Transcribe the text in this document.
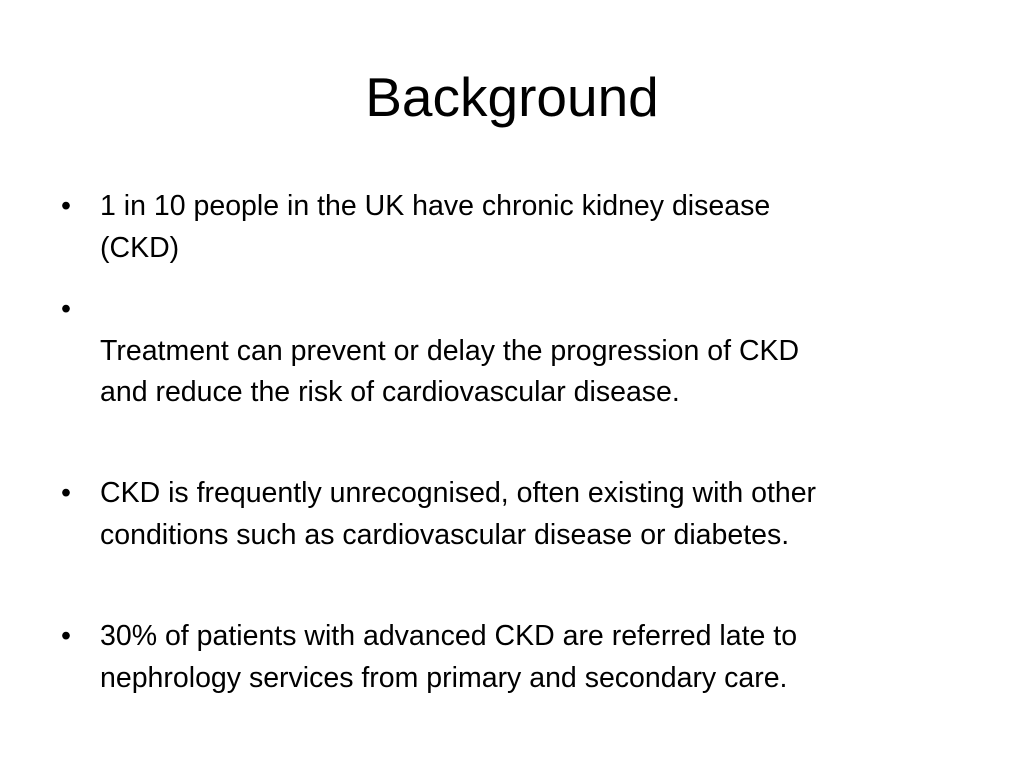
Background
•	1 in 10 people in the UK have chronic kidney disease
(CKD)
•
Treatment can prevent or delay the progression of CKD
and reduce the risk of cardiovascular disease.
•	CKD is frequently unrecognised, often existing with other
conditions such as cardiovascular disease or diabetes.
•	30% of patients with advanced CKD are referred late to
nephrology services from primary and secondary care.
